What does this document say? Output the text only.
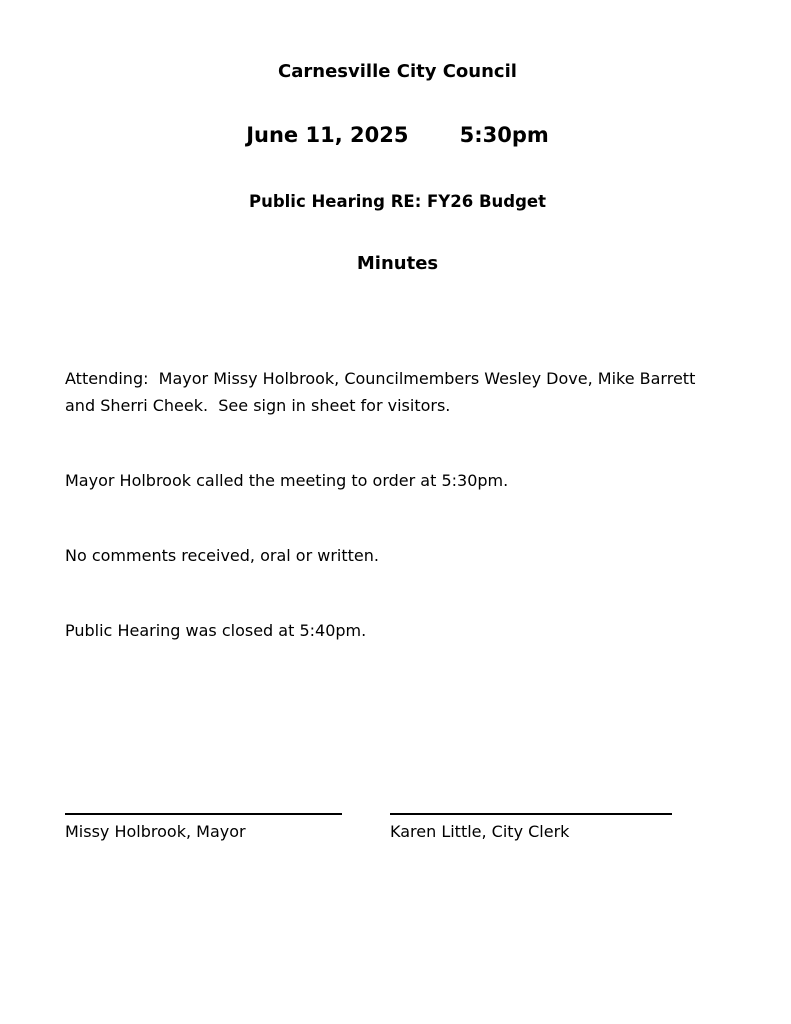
Carnesville City Council
June 11, 2025       5:30pm
Public Hearing RE: FY26 Budget
Minutes

Attending:  Mayor Missy Holbrook, Councilmembers Wesley Dove, Mike Barrett and Sherri Cheek.  See sign in sheet for visitors.

Mayor Holbrook called the meeting to order at 5:30pm.

No comments received, oral or written.

Public Hearing was closed at 5:40pm.

Missy Holbrook, Mayor	Karen Little, City Clerk
